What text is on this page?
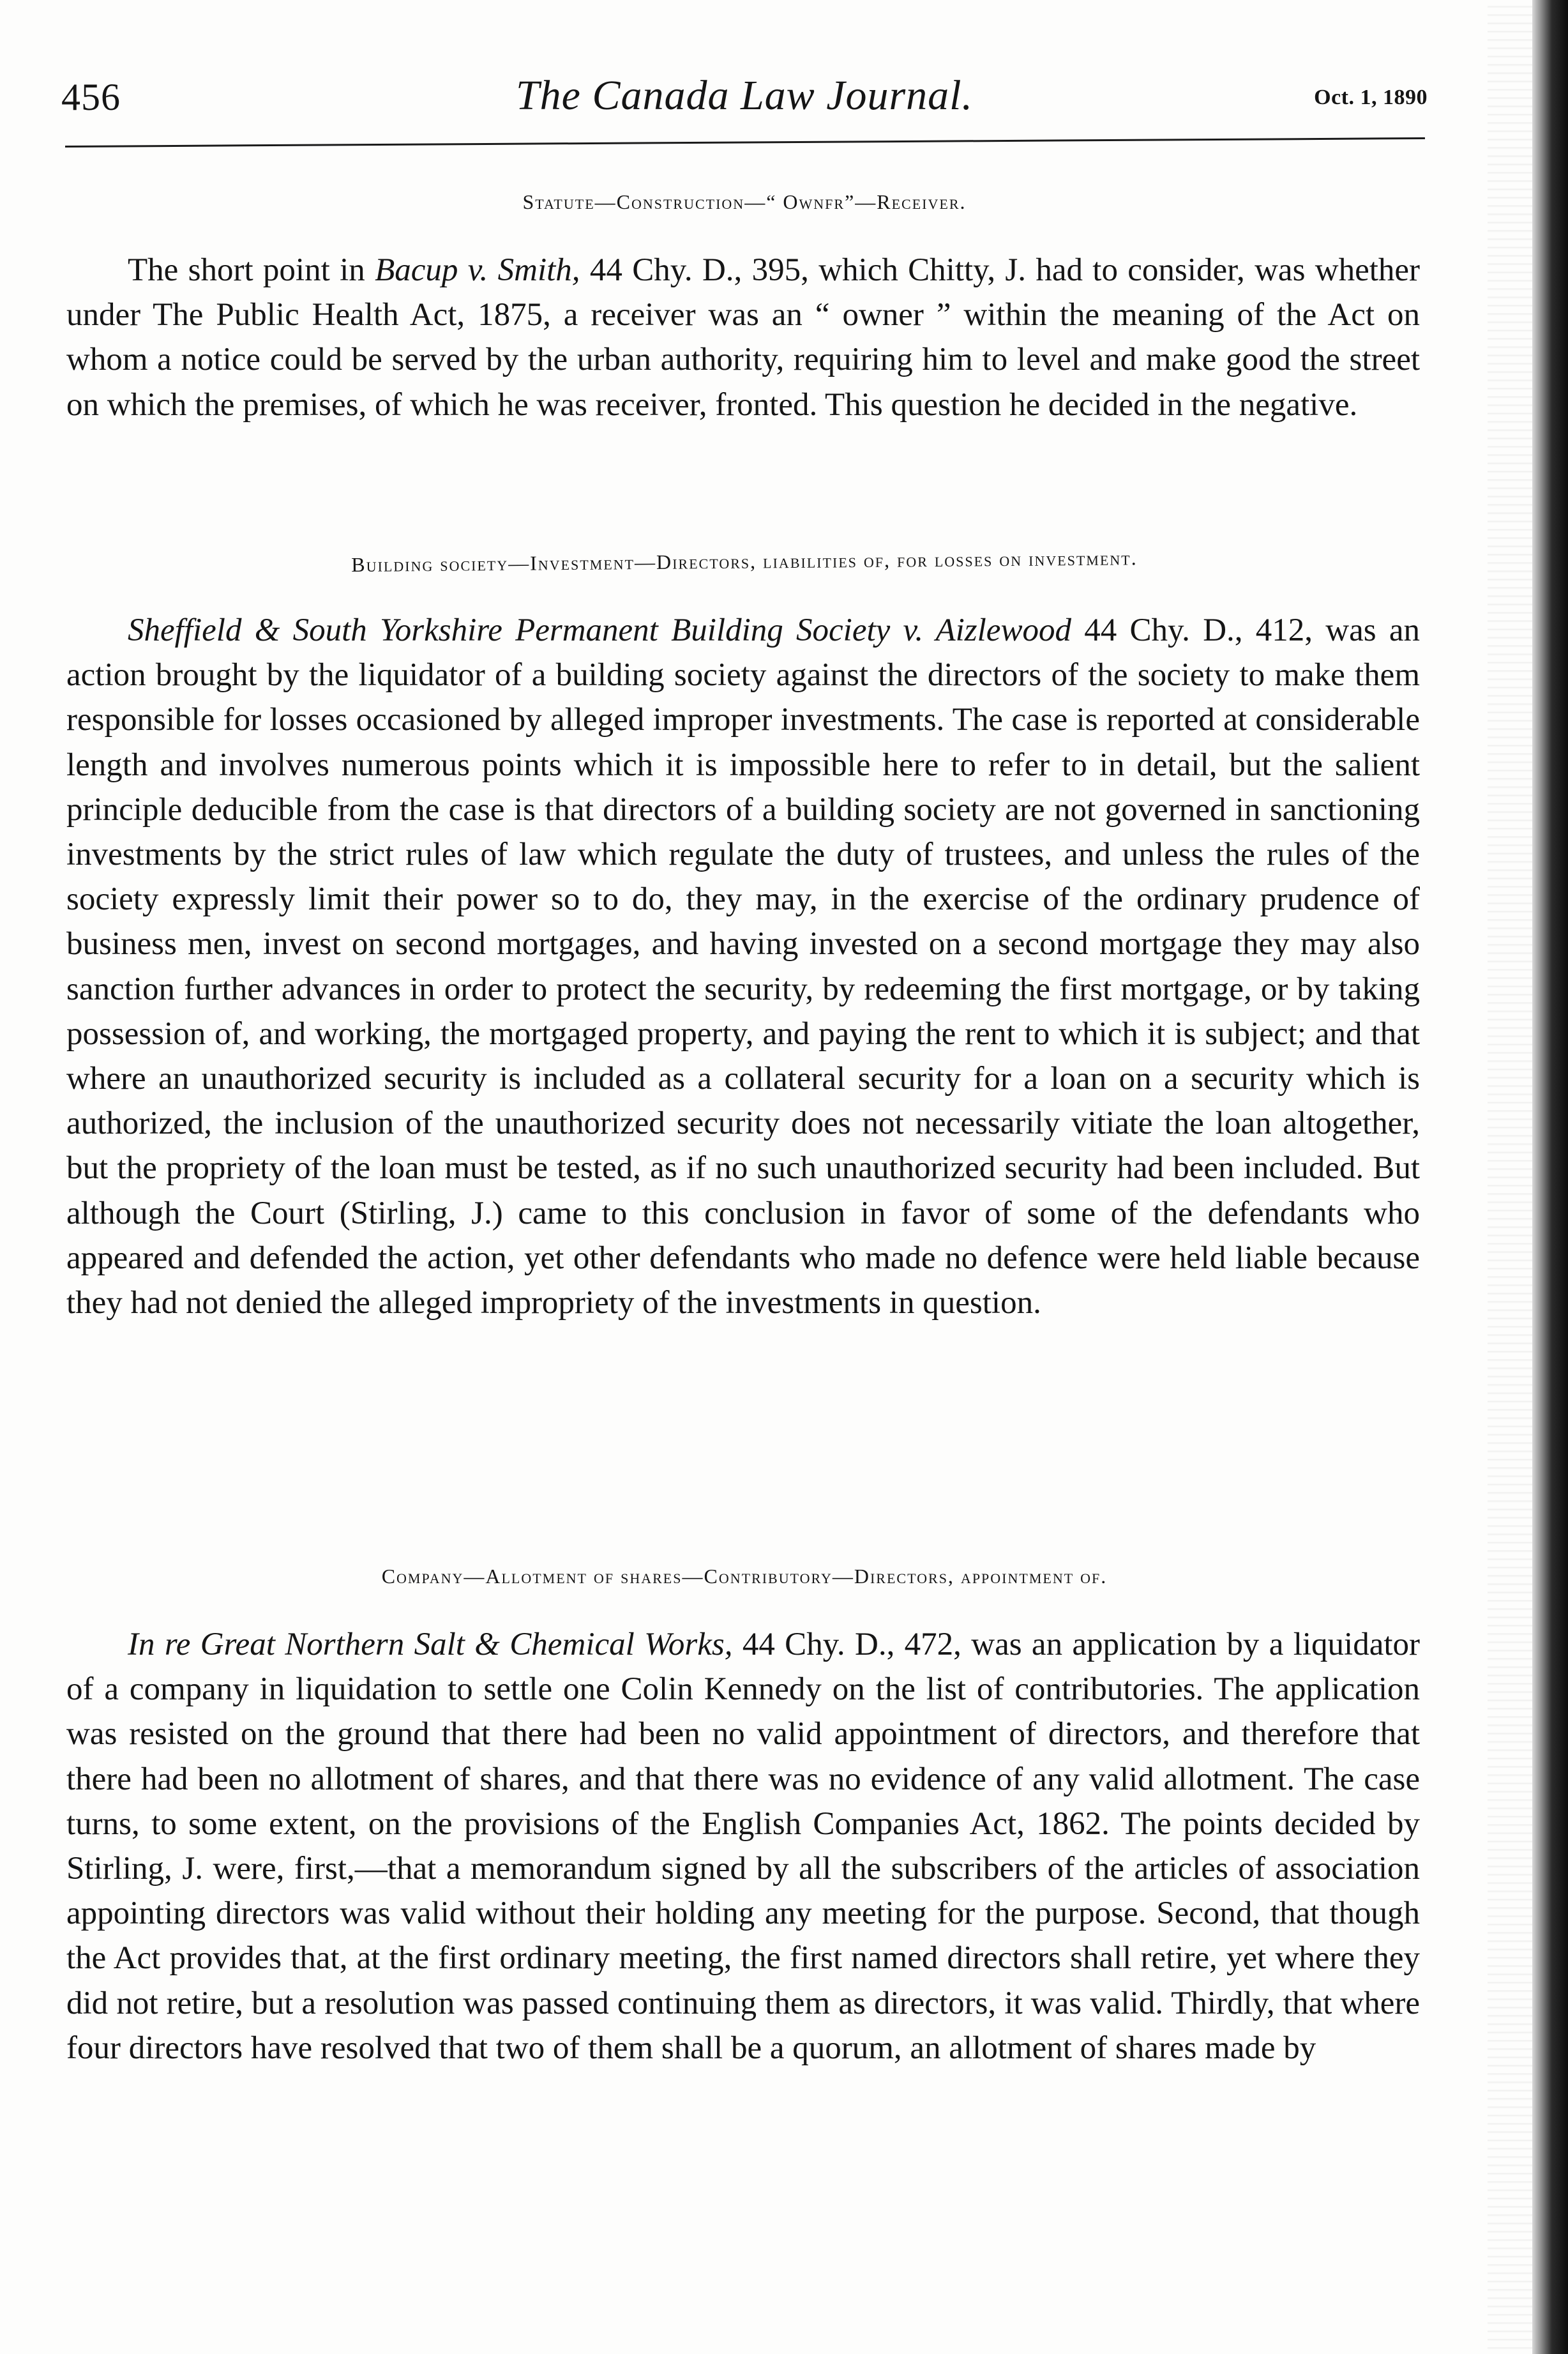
456	The Canada Law Journal.	Oct. 1, 1890
Statute—Construction—“ Ownfr”—Receiver.

The short point in Bacup v. Smith, 44 Chy. D., 395, which Chitty, J. had to consider, was whether under The Public Health Act, 1875, a receiver was an “ owner ” within the meaning of the Act on whom a notice could be served by the urban authority, requiring him to level and make good the street on which the premises, of which he was receiver, fronted. This question he decided in the negative.

Building society—Investment—Directors, liabilities of, for losses on investment.

Sheffield & South Yorkshire Permanent Building Society v. Aizlewood 44 Chy. D., 412, was an action brought by the liquidator of a building society against the directors of the society to make them responsible for losses occasioned by alleged improper investments. The case is reported at considerable length and involves numerous points which it is impossible here to refer to in detail, but the salient principle deducible from the case is that directors of a building society are not governed in sanctioning investments by the strict rules of law which regulate the duty of trustees, and unless the rules of the society expressly limit their power so to do, they may, in the exercise of the ordinary prudence of business men, invest on second mortgages, and having invested on a second mortgage they may also sanction further advances in order to protect the security, by redeeming the first mortgage, or by taking possession of, and working, the mortgaged property, and paying the rent to which it is subject; and that where an unauthorized security is included as a collateral security for a loan on a security which is authorized, the inclusion of the unauthorized security does not necessarily vitiate the loan altogether, but the propriety of the loan must be tested, as if no such unauthorized security had been included. But although the Court (Stirling, J.) came to this conclusion in favor of some of the defendants who appeared and defended the action, yet other defendants who made no defence were held liable because they had not denied the alleged impropriety of the investments in question.

Company—Allotment of shares—Contributory—Directors, appointment of.

In re Great Northern Salt & Chemical Works, 44 Chy. D., 472, was an application by a liquidator of a company in liquidation to settle one Colin Kennedy on the list of contributories. The application was resisted on the ground that there had been no valid appointment of directors, and therefore that there had been no allotment of shares, and that there was no evidence of any valid allotment. The case turns, to some extent, on the provisions of the English Companies Act, 1862. The points decided by Stirling, J. were, first,—that a memorandum signed by all the subscribers of the articles of association appointing directors was valid without their holding any meeting for the purpose. Second, that though the Act provides that, at the first ordinary meeting, the first named directors shall retire, yet where they did not retire, but a resolution was passed continuing them as directors, it was valid. Thirdly, that where four directors have resolved that two of them shall be a quorum, an allotment of shares made by
